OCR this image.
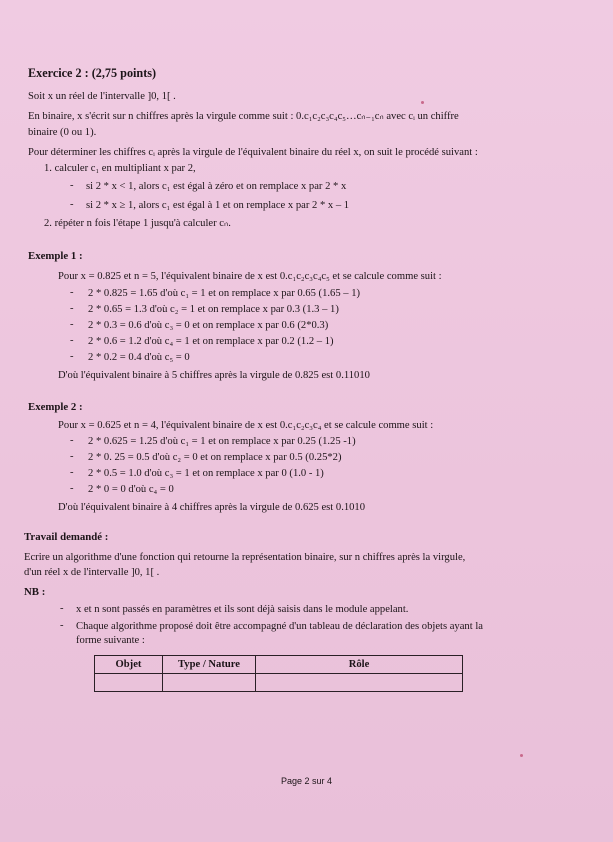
Exercice 2 : (2,75 points)
Soit x un réel de l'intervalle ]0, 1[ .
En binaire, x s'écrit sur n chiffres après la virgule comme suit : 0.c₁c₂c₃c₄c₅…cₙ₋₁cₙ avec cᵢ un chiffre
binaire (0 ou 1).
Pour déterminer les chiffres cᵢ après la virgule de l'équivalent binaire du réel x, on suit le procédé suivant :
1. calculer c₁ en multipliant x par 2,
- si 2 * x < 1, alors c₁ est égal à zéro et on remplace x par 2 * x
- si 2 * x ≥ 1, alors c₁ est égal à 1 et on remplace x par 2 * x – 1
2. répéter n fois l'étape 1 jusqu'à calculer cₙ.
Exemple 1 :
Pour x = 0.825 et n = 5, l'équivalent binaire de x est 0.c₁c₂c₃c₄c₅ et se calcule comme suit :
- 2 * 0.825 = 1.65 d'où c₁ = 1 et on remplace x par 0.65 (1.65 – 1)
- 2 * 0.65 = 1.3 d'où c₂ = 1 et on remplace x par 0.3 (1.3 – 1)
- 2 * 0.3 = 0.6 d'où c₃ = 0 et on remplace x par 0.6 (2*0.3)
- 2 * 0.6 = 1.2 d'où c₄ = 1 et on remplace x par 0.2 (1.2 – 1)
- 2 * 0.2 = 0.4 d'où c₅ = 0
D'où l'équivalent binaire à 5 chiffres après la virgule de 0.825 est 0.11010
Exemple 2 :
Pour x = 0.625 et n = 4, l'équivalent binaire de x est 0.c₁c₂c₃c₄ et se calcule comme suit :
- 2 * 0.625 = 1.25 d'où c₁ = 1 et on remplace x par 0.25 (1.25 -1)
- 2 * 0. 25 = 0.5 d'où c₂ = 0 et on remplace x par 0.5 (0.25*2)
- 2 * 0.5 = 1.0 d'où c₃ = 1 et on remplace x par 0 (1.0 - 1)
- 2 * 0 = 0 d'où c₄ = 0
D'où l'équivalent binaire à 4 chiffres après la virgule de 0.625 est 0.1010
Travail demandé :
Ecrire un algorithme d'une fonction qui retourne la représentation binaire, sur n chiffres après la virgule,
d'un réel x de l'intervalle ]0, 1[ .
NB :
- x et n sont passés en paramètres et ils sont déjà saisis dans le module appelant.
- Chaque algorithme proposé doit être accompagné d'un tableau de déclaration des objets ayant la
forme suivante :
Objet	Type / Nature	Rôle

Page 2 sur 4
